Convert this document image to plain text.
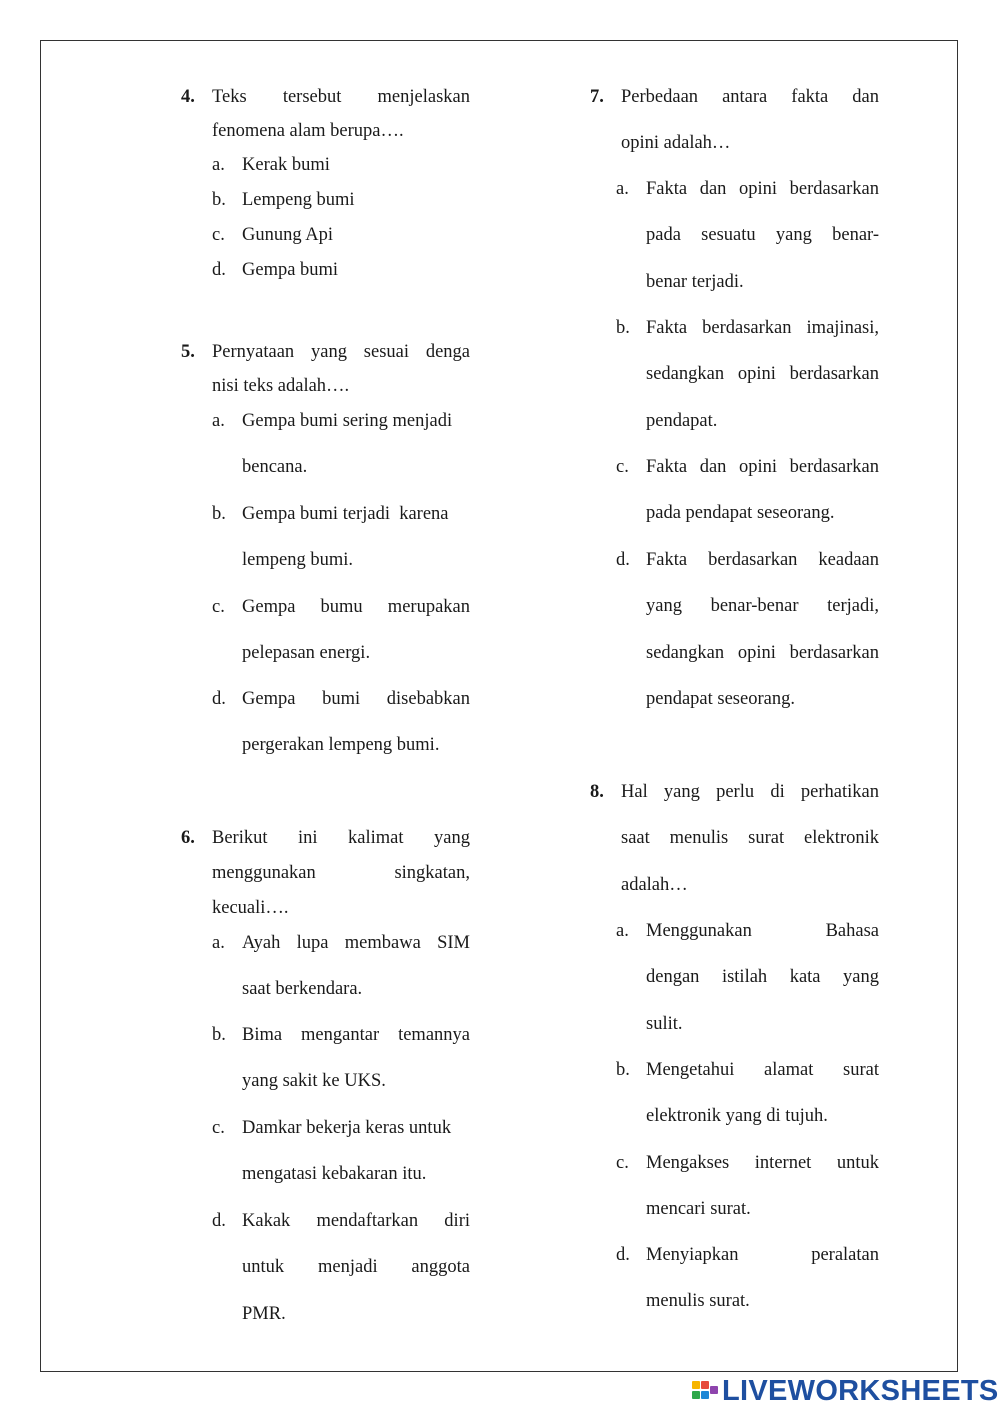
4. Teks tersebut menjelaskan
fenomena alam berupa….
a. Kerak bumi
b. Lempeng bumi
c. Gunung Api
d. Gempa bumi
5. Pernyataan yang sesuai denga
nisi teks adalah….
a. Gempa bumi sering menjadi
bencana.
b. Gempa bumi terjadi  karena
lempeng bumi.
c. Gempa bumu merupakan
pelepasan energi.
d. Gempa bumi disebabkan
pergerakan lempeng bumi.
6. Berikut ini kalimat yang
menggunakan singkatan,
kecuali….
a. Ayah lupa membawa SIM
saat berkendara.
b. Bima mengantar temannya
yang sakit ke UKS.
c. Damkar bekerja keras untuk
mengatasi kebakaran itu.
d. Kakak mendaftarkan diri
untuk menjadi anggota
PMR.
7. Perbedaan antara fakta dan
opini adalah…
a. Fakta dan opini berdasarkan
pada sesuatu yang benar-
benar terjadi.
b. Fakta berdasarkan imajinasi,
sedangkan opini berdasarkan
pendapat.
c. Fakta dan opini berdasarkan
pada pendapat seseorang.
d. Fakta berdasarkan keadaan
yang benar-benar terjadi,
sedangkan opini berdasarkan
pendapat seseorang.
8. Hal yang perlu di perhatikan
saat menulis surat elektronik
adalah…
a. Menggunakan Bahasa
dengan istilah kata yang
sulit.
b. Mengetahui alamat surat
elektronik yang di tujuh.
c. Mengakses internet untuk
mencari surat.
d. Menyiapkan peralatan
menulis surat.
LIVEWORKSHEETS
